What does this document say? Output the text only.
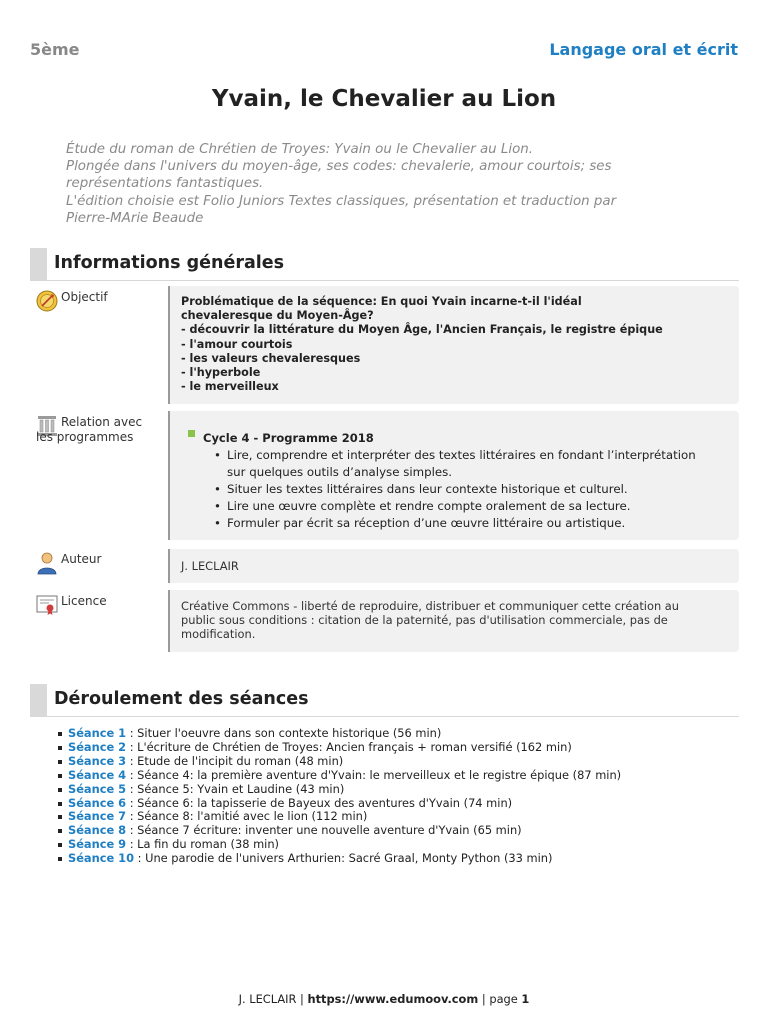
5ème	Langage oral et écrit
Yvain, le Chevalier au Lion
Étude du roman de Chrétien de Troyes: Yvain ou le Chevalier au Lion.
Plongée dans l'univers du moyen-âge, ses codes: chevalerie, amour courtois; ses
représentations fantastiques.
L'édition choisie est Folio Juniors Textes classiques, présentation et traduction par
Pierre-MArie Beaude
Informations générales
Objectif	Problématique de la séquence: En quoi Yvain incarne-t-il l'idéal
chevaleresque du Moyen-Âge?
- découvrir la littérature du Moyen Âge, l'Ancien Français, le registre épique
- l'amour courtois
- les valeurs chevaleresques
- l'hyperbole
- le merveilleux
Relation avec
les programmes	Cycle 4 - Programme 2018
• Lire, comprendre et interpréter des textes littéraires en fondant l’interprétation
sur quelques outils d’analyse simples.
• Situer les textes littéraires dans leur contexte historique et culturel.
• Lire une œuvre complète et rendre compte oralement de sa lecture.
• Formuler par écrit sa réception d’une œuvre littéraire ou artistique.
Auteur	J. LECLAIR
Licence	Créative Commons - liberté de reproduire, distribuer et communiquer cette création au
public sous conditions : citation de la paternité, pas d'utilisation commerciale, pas de
modification.
Déroulement des séances
Séance 1 : Situer l'oeuvre dans son contexte historique (56 min)
Séance 2 : L'écriture de Chrétien de Troyes: Ancien français + roman versifié (162 min)
Séance 3 : Etude de l'incipit du roman (48 min)
Séance 4 : Séance 4: la première aventure d'Yvain: le merveilleux et le registre épique (87 min)
Séance 5 : Séance 5: Yvain et Laudine (43 min)
Séance 6 : Séance 6: la tapisserie de Bayeux des aventures d'Yvain (74 min)
Séance 7 : Séance 8: l'amitié avec le lion (112 min)
Séance 8 : Séance 7 écriture: inventer une nouvelle aventure d'Yvain (65 min)
Séance 9 : La fin du roman (38 min)
Séance 10 : Une parodie de l'univers Arthurien: Sacré Graal, Monty Python (33 min)
J. LECLAIR | https://www.edumoov.com | page 1
